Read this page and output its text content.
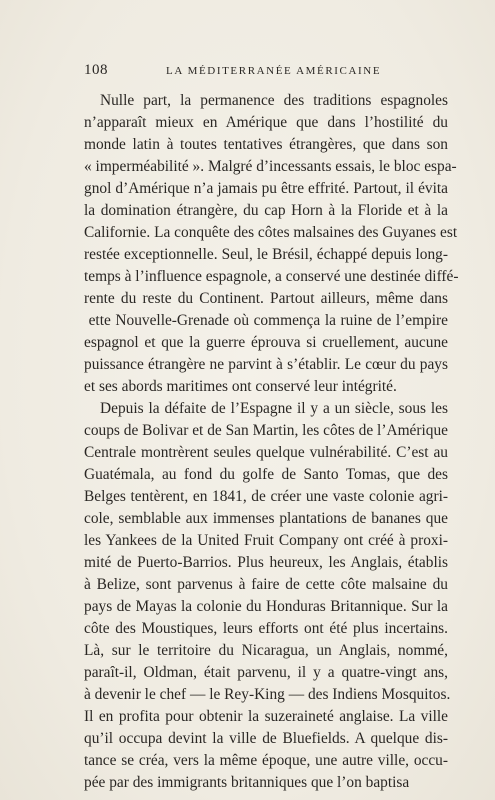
108	LA MÉDITERRANÉE AMÉRICAINE
Nulle part, la permanence des traditions espagnoles
n’apparaît mieux en Amérique que dans l’hostilité du
monde latin à toutes tentatives étrangères, que dans son
« imperméabilité ». Malgré d’incessants essais, le bloc espa-
gnol d’Amérique n’a jamais pu être effrité. Partout, il évita
la domination étrangère, du cap Horn à la Floride et à la
Californie. La conquête des côtes malsaines des Guyanes est
restée exceptionnelle. Seul, le Brésil, échappé depuis long-
temps à l’influence espagnole, a conservé une destinée diffé-
rente du reste du Continent. Partout ailleurs, même dans
ette Nouvelle-Grenade où commença la ruine de l’empire
espagnol et que la guerre éprouva si cruellement, aucune
puissance étrangère ne parvint à s’établir. Le cœur du pays
et ses abords maritimes ont conservé leur intégrité.
Depuis la défaite de l’Espagne il y a un siècle, sous les
coups de Bolivar et de San Martin, les côtes de l’Amérique
Centrale montrèrent seules quelque vulnérabilité. C’est au
Guatémala, au fond du golfe de Santo Tomas, que des
Belges tentèrent, en 1841, de créer une vaste colonie agri-
cole, semblable aux immenses plantations de bananes que
les Yankees de la United Fruit Company ont créé à proxi-
mité de Puerto-Barrios. Plus heureux, les Anglais, établis
à Belize, sont parvenus à faire de cette côte malsaine du
pays de Mayas la colonie du Honduras Britannique. Sur la
côte des Moustiques, leurs efforts ont été plus incertains.
Là, sur le territoire du Nicaragua, un Anglais, nommé,
paraît-il, Oldman, était parvenu, il y a quatre-vingt ans,
à devenir le chef — le Rey-King — des Indiens Mosquitos.
Il en profita pour obtenir la suzeraineté anglaise. La ville
qu’il occupa devint la ville de Bluefields. A quelque dis-
tance se créa, vers la même époque, une autre ville, occu-
pée par des immigrants britanniques que l’on baptisa
